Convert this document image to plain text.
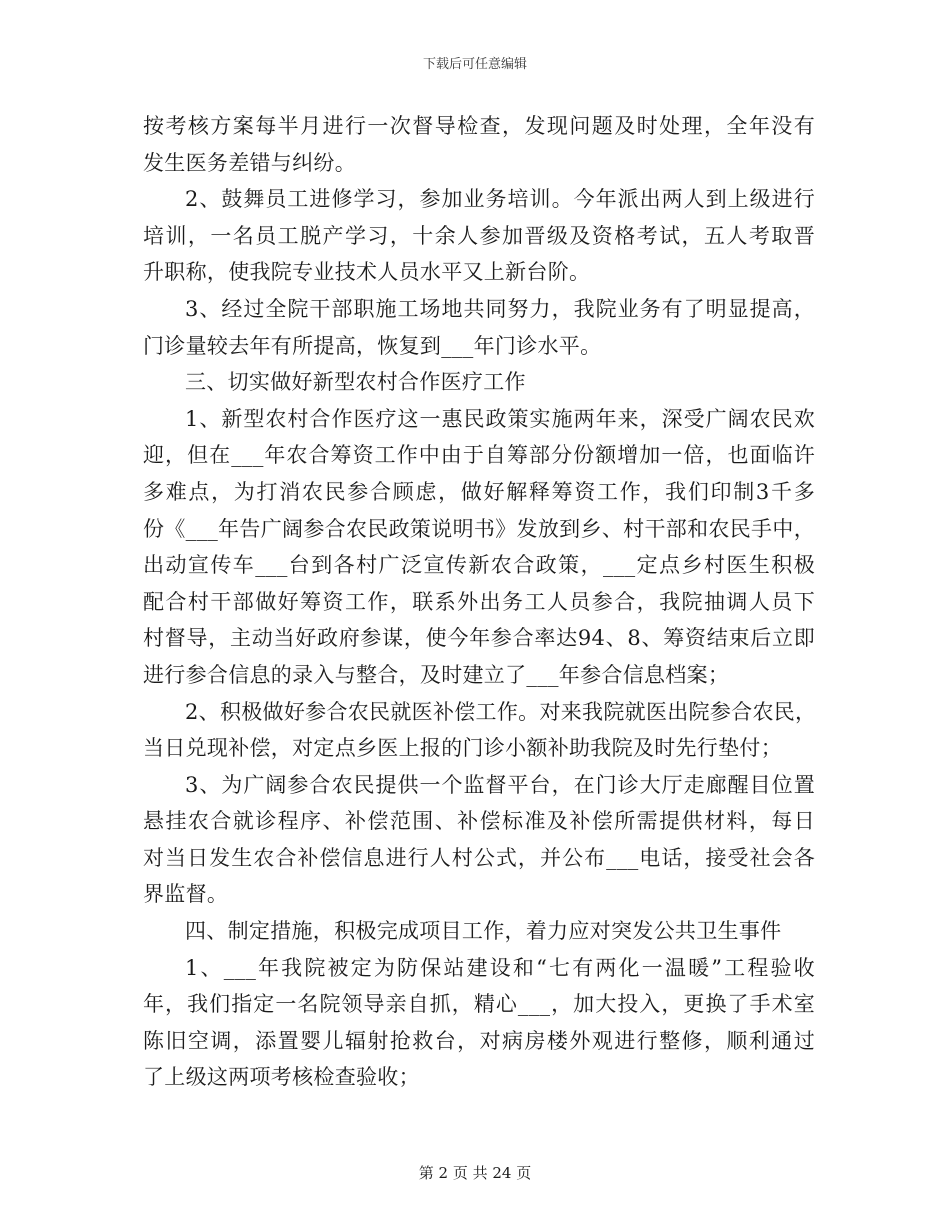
下载后可任意编辑
按考核方案每半月进行一次督导检查，发现问题及时处理，全年没有
发生医务差错与纠纷。
2、鼓舞员工进修学习，参加业务培训。今年派出两人到上级进行
培训，一名员工脱产学习，十余人参加晋级及资格考试，五人考取晋
升职称，使我院专业技术人员水平又上新台阶。
3、经过全院干部职施工场地共同努力，我院业务有了明显提高，
门诊量较去年有所提高，恢复到___年门诊水平。
三、切实做好新型农村合作医疗工作
1、新型农村合作医疗这一惠民政策实施两年来，深受广阔农民欢
迎，但在___年农合筹资工作中由于自筹部分份额增加一倍，也面临许
多难点，为打消农民参合顾虑，做好解释筹资工作，我们印制3千多
份《___年告广阔参合农民政策说明书》发放到乡、村干部和农民手中，
出动宣传车___台到各村广泛宣传新农合政策，___定点乡村医生积极
配合村干部做好筹资工作，联系外出务工人员参合，我院抽调人员下
村督导，主动当好政府参谋，使今年参合率达94、8、筹资结束后立即
进行参合信息的录入与整合，及时建立了___年参合信息档案；
2、积极做好参合农民就医补偿工作。对来我院就医出院参合农民，
当日兑现补偿，对定点乡医上报的门诊小额补助我院及时先行垫付；
3、为广阔参合农民提供一个监督平台，在门诊大厅走廊醒目位置
悬挂农合就诊程序、补偿范围、补偿标准及补偿所需提供材料，每日
对当日发生农合补偿信息进行人村公式，并公布___电话，接受社会各
界监督。
四、制定措施，积极完成项目工作，着力应对突发公共卫生事件
1、___年我院被定为防保站建设和“七有两化一温暖”工程验收
年，我们指定一名院领导亲自抓，精心___，加大投入，更换了手术室
陈旧空调，添置婴儿辐射抢救台，对病房楼外观进行整修，顺利通过
了上级这两项考核检查验收；
第 2 页 共 24 页
